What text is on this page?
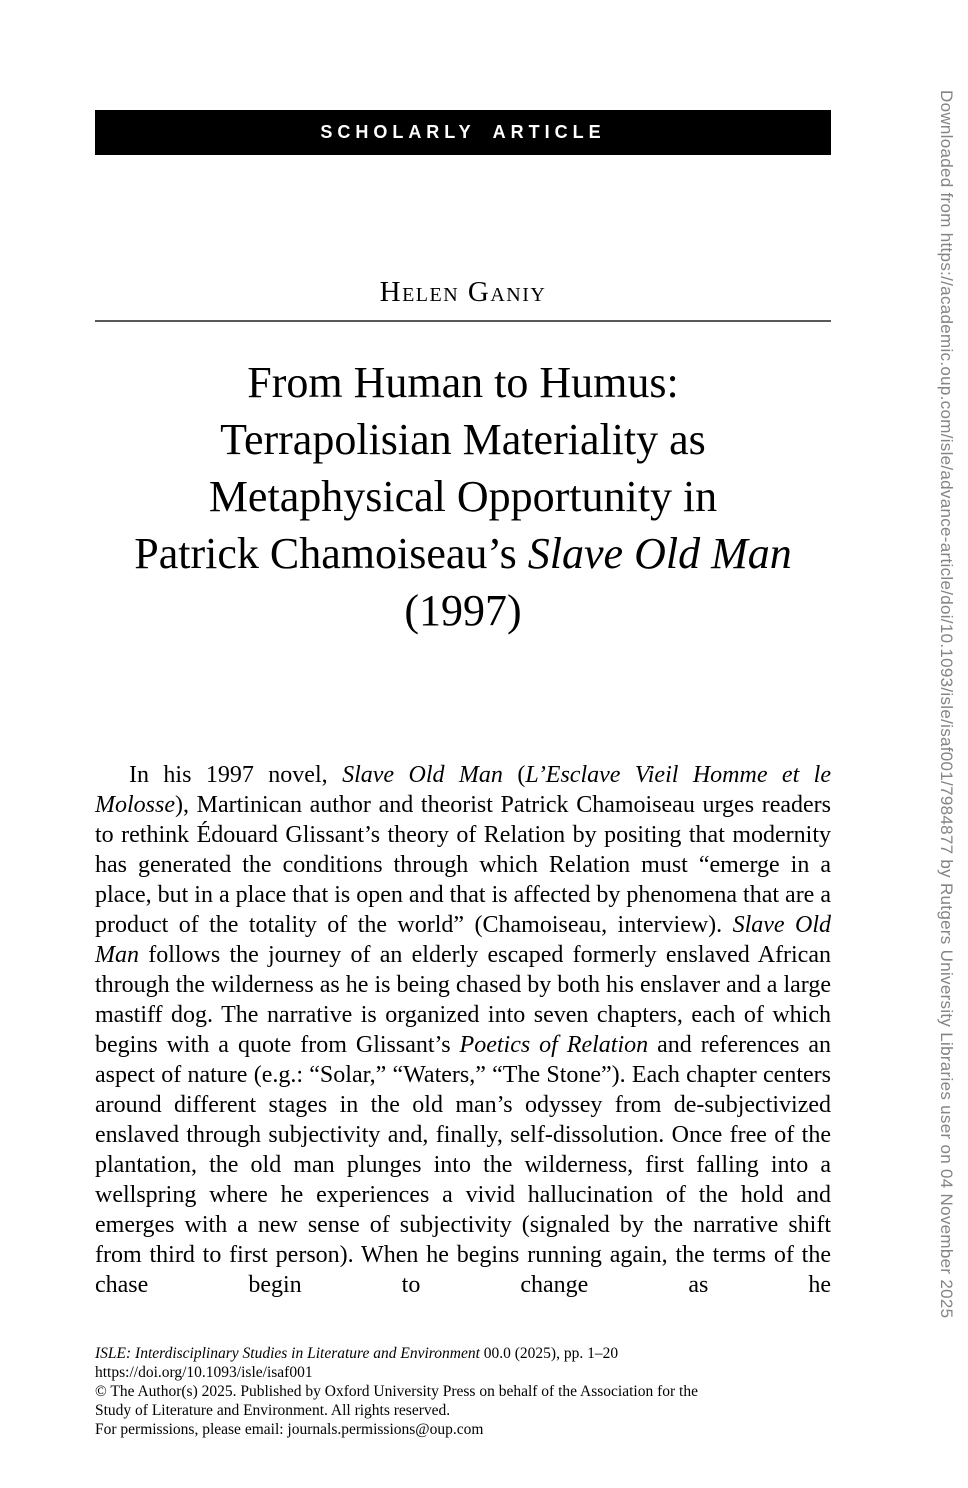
SCHOLARLY ARTICLE
Helen Ganiy
From Human to Humus:
Terrapolisian Materiality as
Metaphysical Opportunity in
Patrick Chamoiseau’s Slave Old Man
(1997)

In his 1997 novel, Slave Old Man (L’Esclave Vieil Homme et le Molosse), Martinican author and theorist Patrick Chamoiseau urges readers to rethink Édouard Glissant’s theory of Relation by positing that modernity has generated the conditions through which Relation must “emerge in a place, but in a place that is open and that is affected by phenomena that are a product of the totality of the world” (Chamoiseau, interview). Slave Old Man follows the journey of an elderly escaped formerly enslaved African through the wilderness as he is being chased by both his enslaver and a large mastiff dog. The narrative is organized into seven chapters, each of which begins with a quote from Glissant’s Poetics of Relation and references an aspect of nature (e.g.: “Solar,” “Waters,” “The Stone”). Each chapter centers around different stages in the old man’s odyssey from de-subjectivized enslaved through subjectivity and, finally, self-dissolution. Once free of the plantation, the old man plunges into the wilderness, first falling into a wellspring where he experiences a vivid hallucination of the hold and emerges with a new sense of subjectivity (signaled by the narrative shift from third to first person). When he begins running again, the terms of the chase begin to change as he

ISLE: Interdisciplinary Studies in Literature and Environment 00.0 (2025), pp. 1–20
https://doi.org/10.1093/isle/isaf001
© The Author(s) 2025. Published by Oxford University Press on behalf of the Association for the
Study of Literature and Environment. All rights reserved.
For permissions, please email: journals.permissions@oup.com
Downloaded from https://academic.oup.com/isle/advance-article/doi/10.1093/isle/isaf001/7984877 by Rutgers University Libraries user on 04 November 2025
